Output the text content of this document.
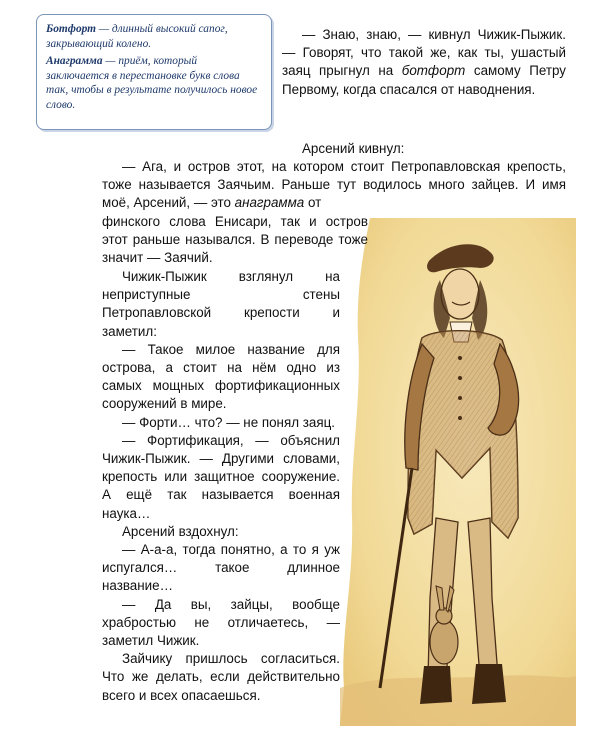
Ботфорт — длинный высокий сапог, закрывающий колено.

Анаграмма — приём, который заключается в перестановке букв слова так, чтобы в результате получилось новое слово.

— Знаю, знаю, — кивнул Чижик-Пыжик. — Говорят, что такой же, как ты, ушастый заяц прыгнул на ботфорт самому Петру Первому, когда спасался от наводнения.

Арсений кивнул:

— Ага, и остров этот, на котором стоит Петропавловская крепость, тоже называется Заячьим. Раньше тут водилось много зайцев. И имя моё, Арсений, — это анаграмма от

финского слова Енисари, так и остров этот раньше назывался. В переводе тоже значит — Заячий.

Чижик-Пыжик взглянул на неприступные стены Петропавловской крепости и заметил:

— Такое милое название для острова, а стоит на нём одно из самых мощных фортификационных сооружений в мире.

— Форти… что? — не понял заяц.

— Фортификация, — объяснил Чижик-Пыжик. — Другими словами, крепость или защитное сооружение. А ещё так называется военная наука…

Арсений вздохнул:

— А-а-а, тогда понятно, а то я уж испугался… такое длинное название…

— Да вы, зайцы, вообще храбростью не отличаетесь, — заметил Чижик.

Зайчику пришлось согласиться. Что же делать, если действительно всего и всех опасаешься.
